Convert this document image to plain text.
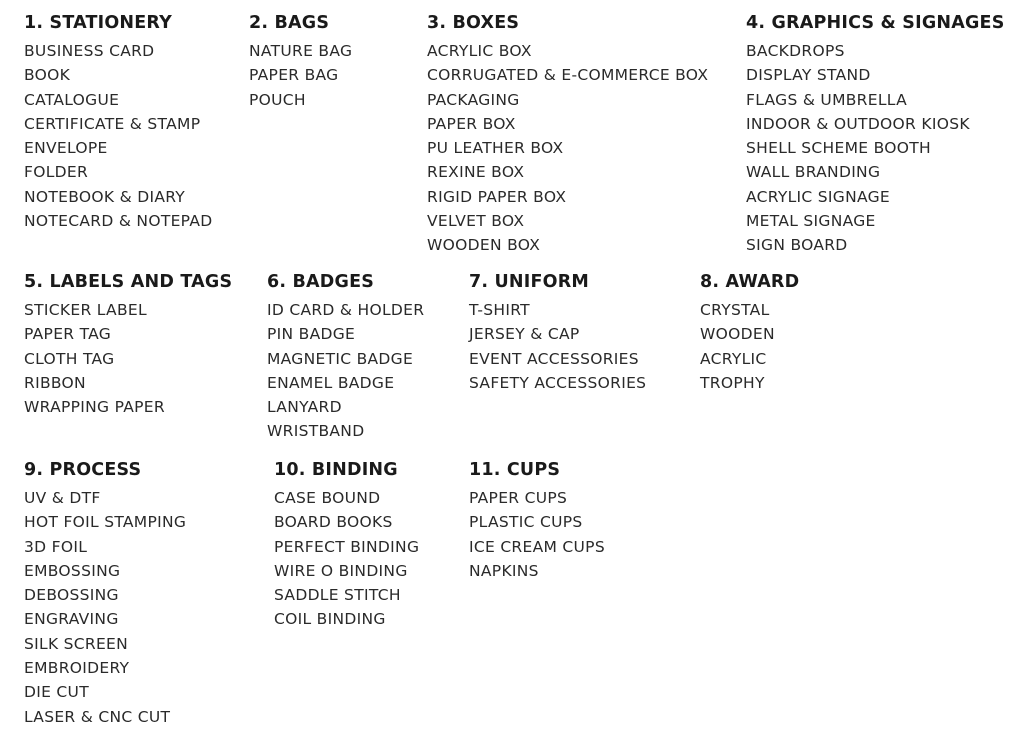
1. STATIONERY
BUSINESS CARD
BOOK
CATALOGUE
CERTIFICATE & STAMP
ENVELOPE
FOLDER
NOTEBOOK & DIARY
NOTECARD & NOTEPAD
2. BAGS
NATURE BAG
PAPER BAG
POUCH
3. BOXES
ACRYLIC BOX
CORRUGATED & E-COMMERCE BOX
PACKAGING
PAPER BOX
PU LEATHER BOX
REXINE BOX
RIGID PAPER BOX
VELVET BOX
WOODEN BOX
4. GRAPHICS & SIGNAGES
BACKDROPS
DISPLAY STAND
FLAGS & UMBRELLA
INDOOR & OUTDOOR KIOSK
SHELL SCHEME BOOTH
WALL BRANDING
ACRYLIC SIGNAGE
METAL SIGNAGE
SIGN BOARD
5. LABELS AND TAGS
STICKER LABEL
PAPER TAG
CLOTH TAG
RIBBON
WRAPPING PAPER
6. BADGES
ID CARD & HOLDER
PIN BADGE
MAGNETIC BADGE
ENAMEL BADGE
LANYARD
WRISTBAND
7. UNIFORM
T-SHIRT
JERSEY & CAP
EVENT ACCESSORIES
SAFETY ACCESSORIES
8. AWARD
CRYSTAL
WOODEN
ACRYLIC
TROPHY
9. PROCESS
UV & DTF
HOT FOIL STAMPING
3D FOIL
EMBOSSING
DEBOSSING
ENGRAVING
SILK SCREEN
EMBROIDERY
DIE CUT
LASER & CNC CUT
10. BINDING
CASE BOUND
BOARD BOOKS
PERFECT BINDING
WIRE O BINDING
SADDLE STITCH
COIL BINDING
11. CUPS
PAPER CUPS
PLASTIC CUPS
ICE CREAM CUPS
NAPKINS
